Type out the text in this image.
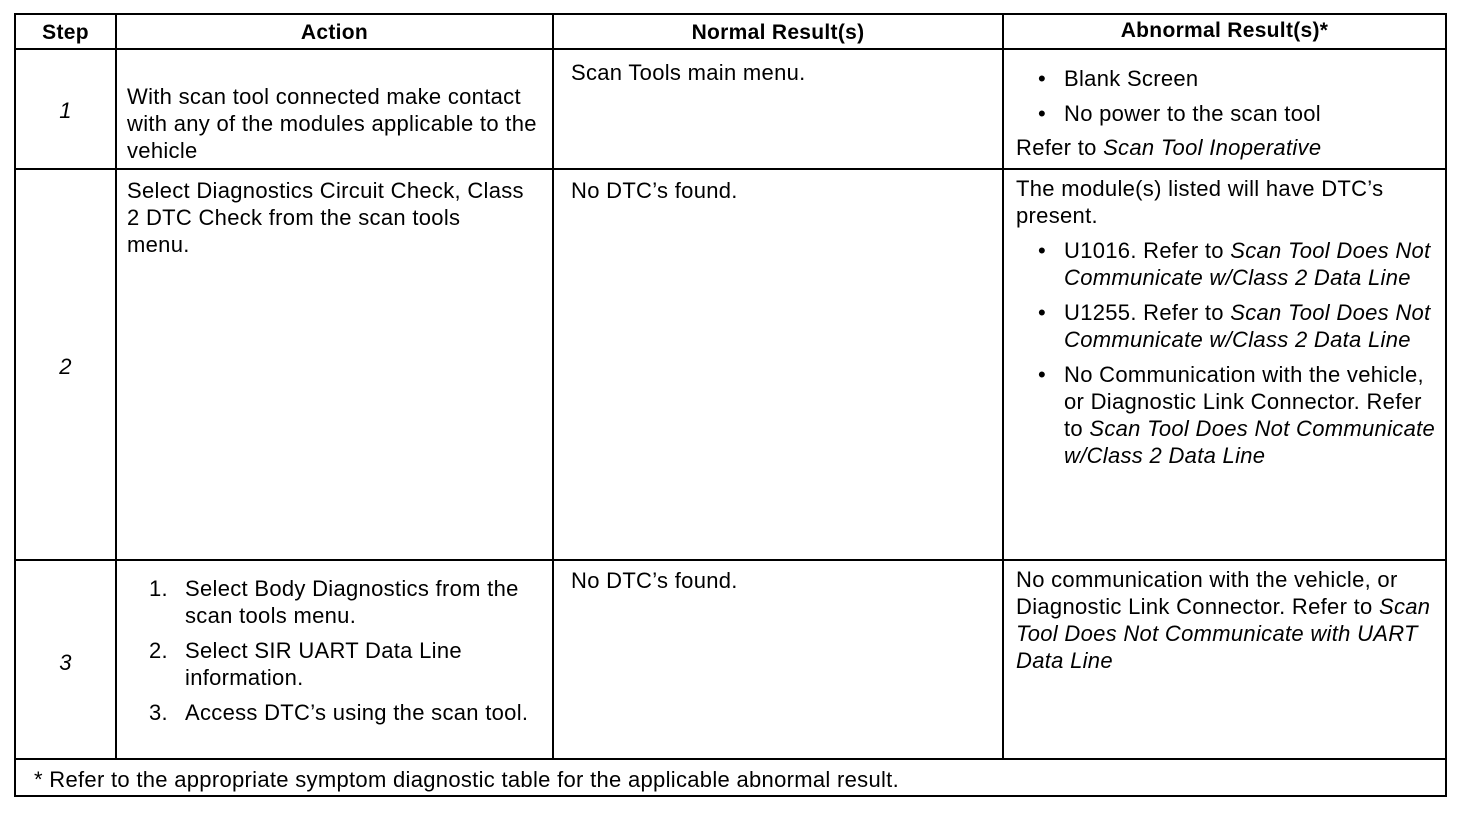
Step	Action	Normal Result(s)	Abnormal Result(s)*
1
With scan tool connected make contact with any of the modules applicable to the vehicle
Scan Tools main menu.
•	Blank Screen
• No power to the scan tool
Refer to Scan Tool Inoperative
2
Select Diagnostics Circuit Check, Class 2 DTC Check from the scan tools menu.
No DTC’s found.	The module(s) listed will have DTC’s present.
• U1016. Refer to Scan Tool Does Not Communicate w/Class 2 Data Line
• U1255. Refer to Scan Tool Does Not Communicate w/Class 2 Data Line
• No Communication with the vehicle, or Diagnostic Link Connector. Refer to Scan Tool Does Not Communicate w/Class 2 Data Line
3
1. Select Body Diagnostics from the scan tools menu.
2. Select SIR UART Data Line information.
3. Access DTC’s using the scan tool.
No DTC’s found.	No communication with the vehicle, or Diagnostic Link Connector. Refer to Scan Tool Does Not Communicate with UART Data Line
* Refer to the appropriate symptom diagnostic table for the applicable abnormal result.
